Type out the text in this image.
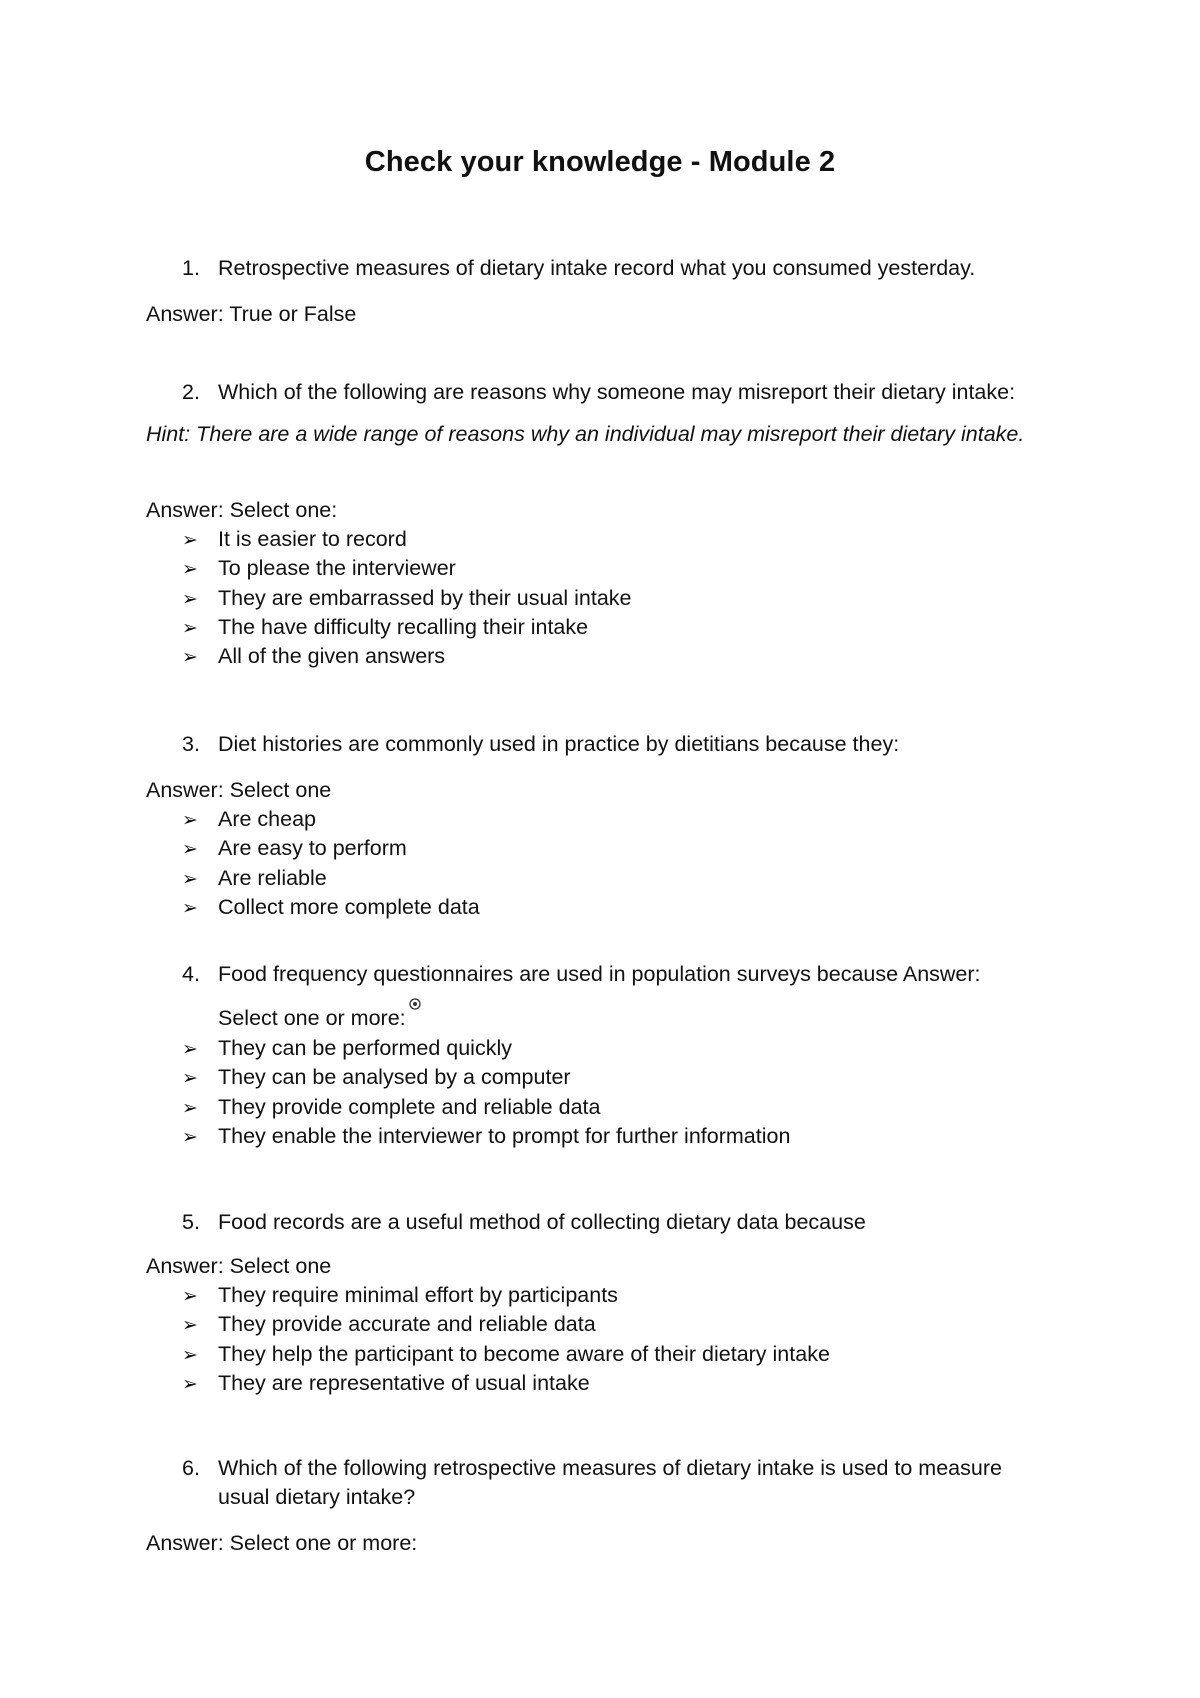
Check your knowledge - Module 2
1. Retrospective measures of dietary intake record what you consumed yesterday.
Answer: True or False
2. Which of the following are reasons why someone may misreport their dietary intake:
Hint: There are a wide range of reasons why an individual may misreport their dietary intake.
Answer: Select one:
➢ It is easier to record
➢ To please the interviewer
➢ They are embarrassed by their usual intake
➢ The have difficulty recalling their intake
➢ All of the given answers
3. Diet histories are commonly used in practice by dietitians because they:
Answer: Select one
➢ Are cheap
➢ Are easy to perform
➢ Are reliable
➢ Collect more complete data
4. Food frequency questionnaires are used in population surveys because Answer:
Select one or more:
➢ They can be performed quickly
➢ They can be analysed by a computer
➢ They provide complete and reliable data
➢ They enable the interviewer to prompt for further information
5. Food records are a useful method of collecting dietary data because
Answer: Select one
➢ They require minimal effort by participants
➢ They provide accurate and reliable data
➢ They help the participant to become aware of their dietary intake
➢ They are representative of usual intake
6. Which of the following retrospective measures of dietary intake is used to measure usual dietary intake?
Answer: Select one or more:
